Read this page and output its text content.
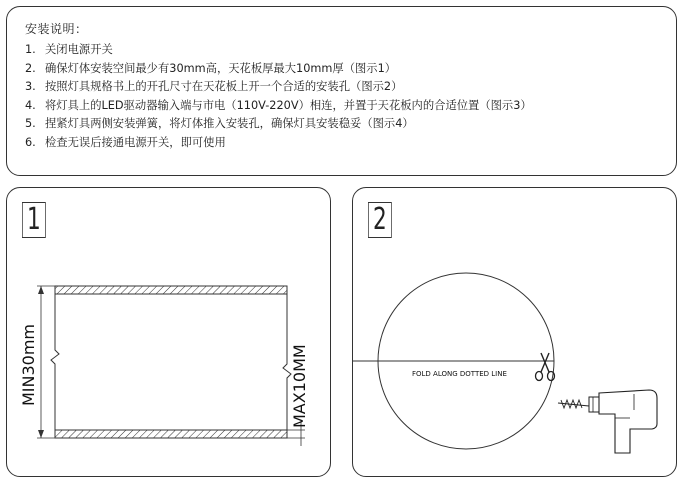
安装说明：
1. 关闭电源开关
2. 确保灯体安装空间最少有30mm高，天花板厚最大10mm厚（图示1）
3. 按照灯具规格书上的开孔尺寸在天花板上开一个合适的安装孔（图示2）
4. 将灯具上的LED驱动器输入端与市电（110V-220V）相连，并置于天花板内的合适位置（图示3）
5. 捏紧灯具两侧安装弹簧，将灯体推入安装孔，确保灯具安装稳妥（图示4）
6. 检查无误后接通电源开关，即可使用
1
MIN30mm	MAX10MM
2
FOLD ALONG DOTTED LINE
